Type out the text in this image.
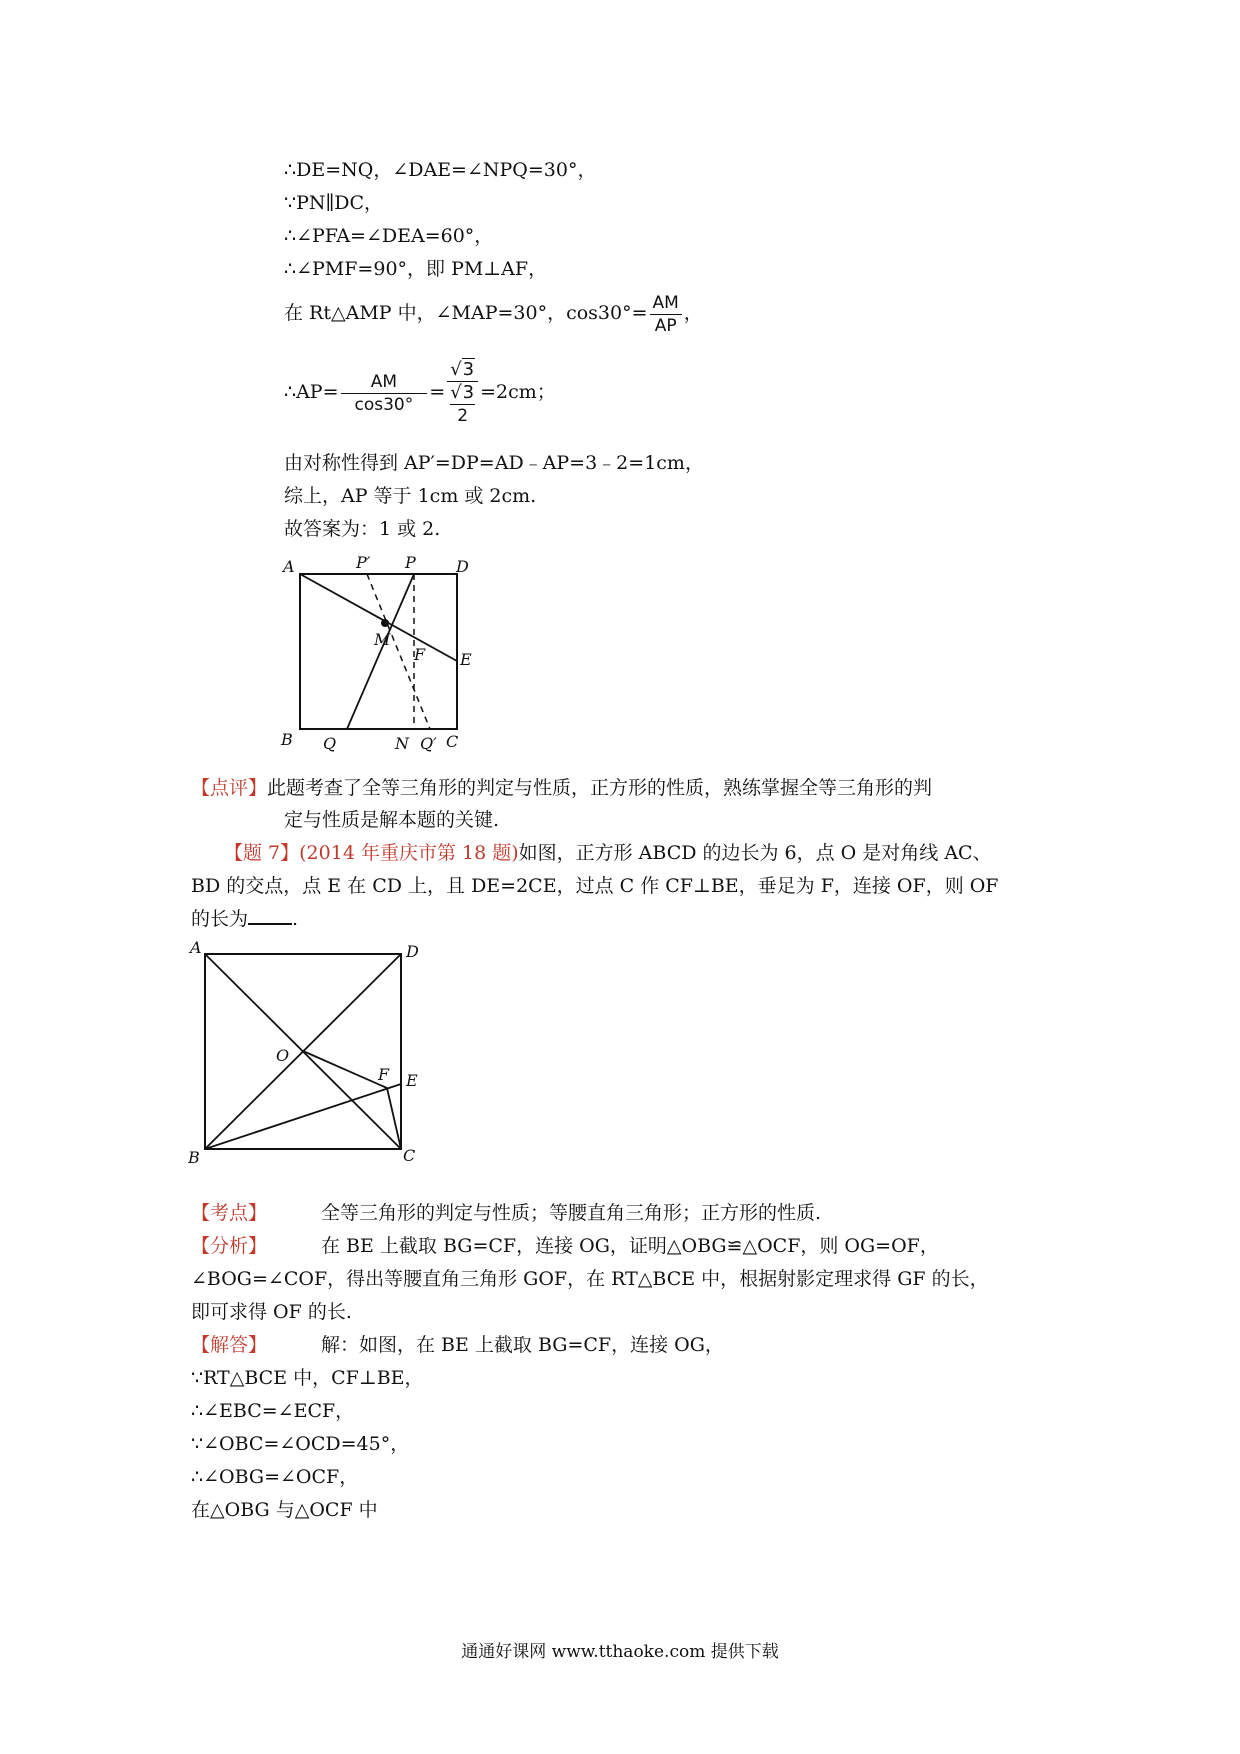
∴DE=NQ，∠DAE=∠NPQ=30°，
∵PN∥DC，
∴∠PFA=∠DEA=60°，
∴∠PMF=90°，即 PM⊥AF，
在 Rt△AMP 中，∠MAP=30°，$\cos 30^\circ= \frac{AM}{AP}$ ，
∴AP= $\frac{AM}{\cos 30^\circ} = √3$
√3
2 =2cm；
由对称性得到 AP′=DP=AD﹣AP=3﹣2=1cm，
综上，AP 等于 1cm 或 2cm.
故答案为：1 或 2.
A	P′ P	D
M
F E
B Q	N Q′ C
【点评】此题考查了全等三角形的判定与性质，正方形的性质，熟练掌握全等三角形的判
定与性质是解本题的关键.
【题 7】(2014 年重庆市第 18 题)如图，正方形 ABCD 的边长为 6，点 O 是对角线 AC、
BD 的交点，点 E 在 CD 上，且 DE=2CE，过点 C 作 CF⊥BE，垂足为 F，连接 OF，则 OF
的长为 .
A	D
O
F E
B	C
【考点】	全等三角形的判定与性质；等腰直角三角形；正方形的性质.
【分析】	在 BE 上截取 BG=CF，连接 OG，证明△OBG≌△OCF，则 OG=OF，
∠BOG=∠COF，得出等腰直角三角形 GOF，在 RT△BCE 中，根据射影定理求得 GF 的长，
即可求得 OF 的长.
【解答】	解：如图，在 BE 上截取 BG=CF，连接 OG，
∵RT△BCE 中，CF⊥BE，
∴∠EBC=∠ECF，
∵∠OBC=∠OCD=45°，
∴∠OBG=∠OCF，
在△OBG 与△OCF 中
通通好课网 www.tthaoke.com 提供下载
